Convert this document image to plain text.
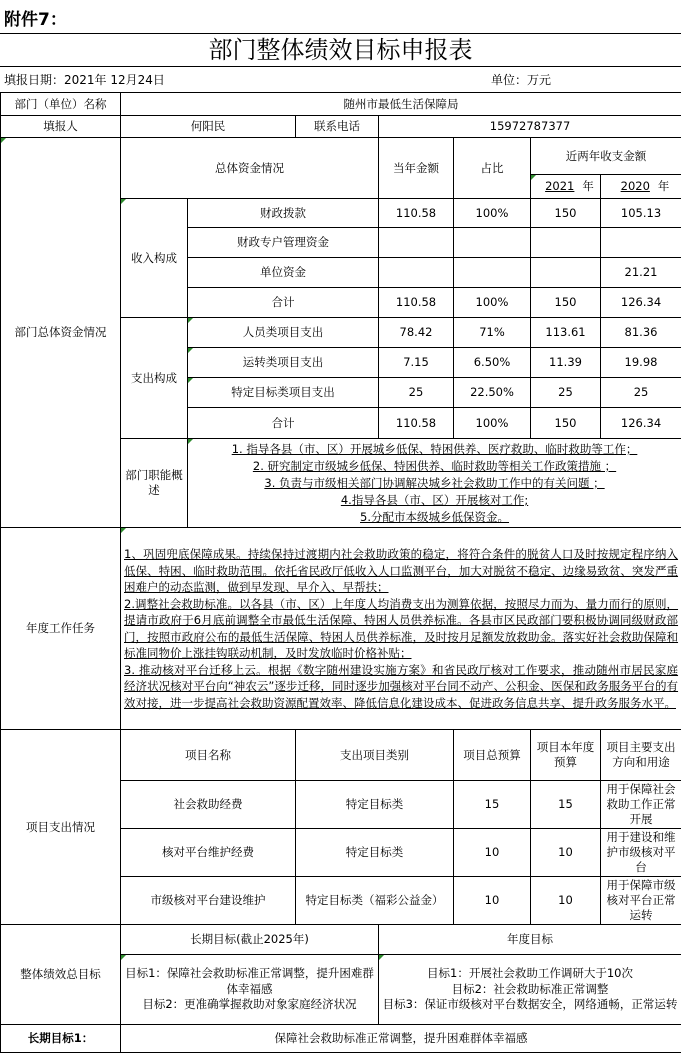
附件7：
部门整体绩效目标申报表
填报日期：2021年 12月24日	单位：万元
部门（单位）名称	随州市最低生活保障局						
填报人	何阳民		联系电话	15972787377			
部门总体资金情况	总体资金情况			当年金额	占比	近两年收支金额	
						2021 年	2020 年
	收入构成	财政拨款		110.58	100%	150	105.13
		财政专户管理资金					
		单位资金					21.21
		合计		110.58	100%	150	126.34
	支出构成	人员类项目支出		78.42	71%	113.61	81.36
		运转类项目支出		7.15	6.50%	11.39	19.98
		特定目标类项目支出		25	22.50%	25	25
		合计		110.58	100%	150	126.34
	部门职能概述	1. 指导各县（市、区）开展城乡低保、特困供养、医疗救助、临时救助等工作；
2. 研究制定市级城乡低保、特困供养、临时救助等相关工作政策措施 ；
3. 负责与市级相关部门协调解决城乡社会救助工作中的有关问题 ；
4.指导各县（市、区）开展核对工作;
5.分配市本级城乡低保资金。					

年度工作任务	1、巩固兜底保障成果。持续保持过渡期内社会救助政策的稳定，将符合条件的脱贫人口及时按规定程序纳入低保、特困、临时救助范围。依托省民政厅低收入人口监测平台，加大对脱贫不稳定、边缘易致贫、突发严重困难户的动态监测，做到早发现、早介入、早帮扶；
2.调整社会救助标准。以各县（市、区）上年度人均消费支出为测算依据，按照尽力而为、量力而行的原则，提请市政府于6月底前调整全市最低生活保障、特困人员供养标准。各县市区民政部门要积极协调同级财政部门，按照市政府公布的最低生活保障、特困人员供养标准，及时按月足额发放救助金。落实好社会救助保障和标准同物价上涨挂钩联动机制，及时发放临时价格补贴；
3. 推动核对平台迁移上云。根据《数字随州建设实施方案》和省民政厅核对工作要求，推动随州市居民家庭经济状况核对平台向“神农云”逐步迁移，同时逐步加强核对平台同不动产、公积金、医保和政务服务平台的有效对接，进一步提高社会救助资源配置效率、降低信息化建设成本、促进政务信息共享、提升政务服务水平。						

项目支出情况	项目名称		支出项目类别		项目总预算	项目本年度预算	项目主要支出方向和用途
	社会救助经费		特定目标类		15	15	用于保障社会救助工作正常开展
	核对平台维护经费		特定目标类		10	10	用于建设和维护市级核对平台
	市级核对平台建设维护		特定目标类（福彩公益金）		10	10	用于保障市级核对平台正常运转
整体绩效总目标	长期目标(截止2025年)			年度目标			

	目标1：保障社会救助标准正常调整，提升困难群体幸福感
目标2：更准确掌握救助对象家庭经济状况			目标1：开展社会救助工作调研大于10次
目标2：社会救助标准正常调整
目标3：保证市级核对平台数据安全，网络通畅，正常运转			

长期目标1：	保障社会救助标准正常调整，提升困难群体幸福感						
